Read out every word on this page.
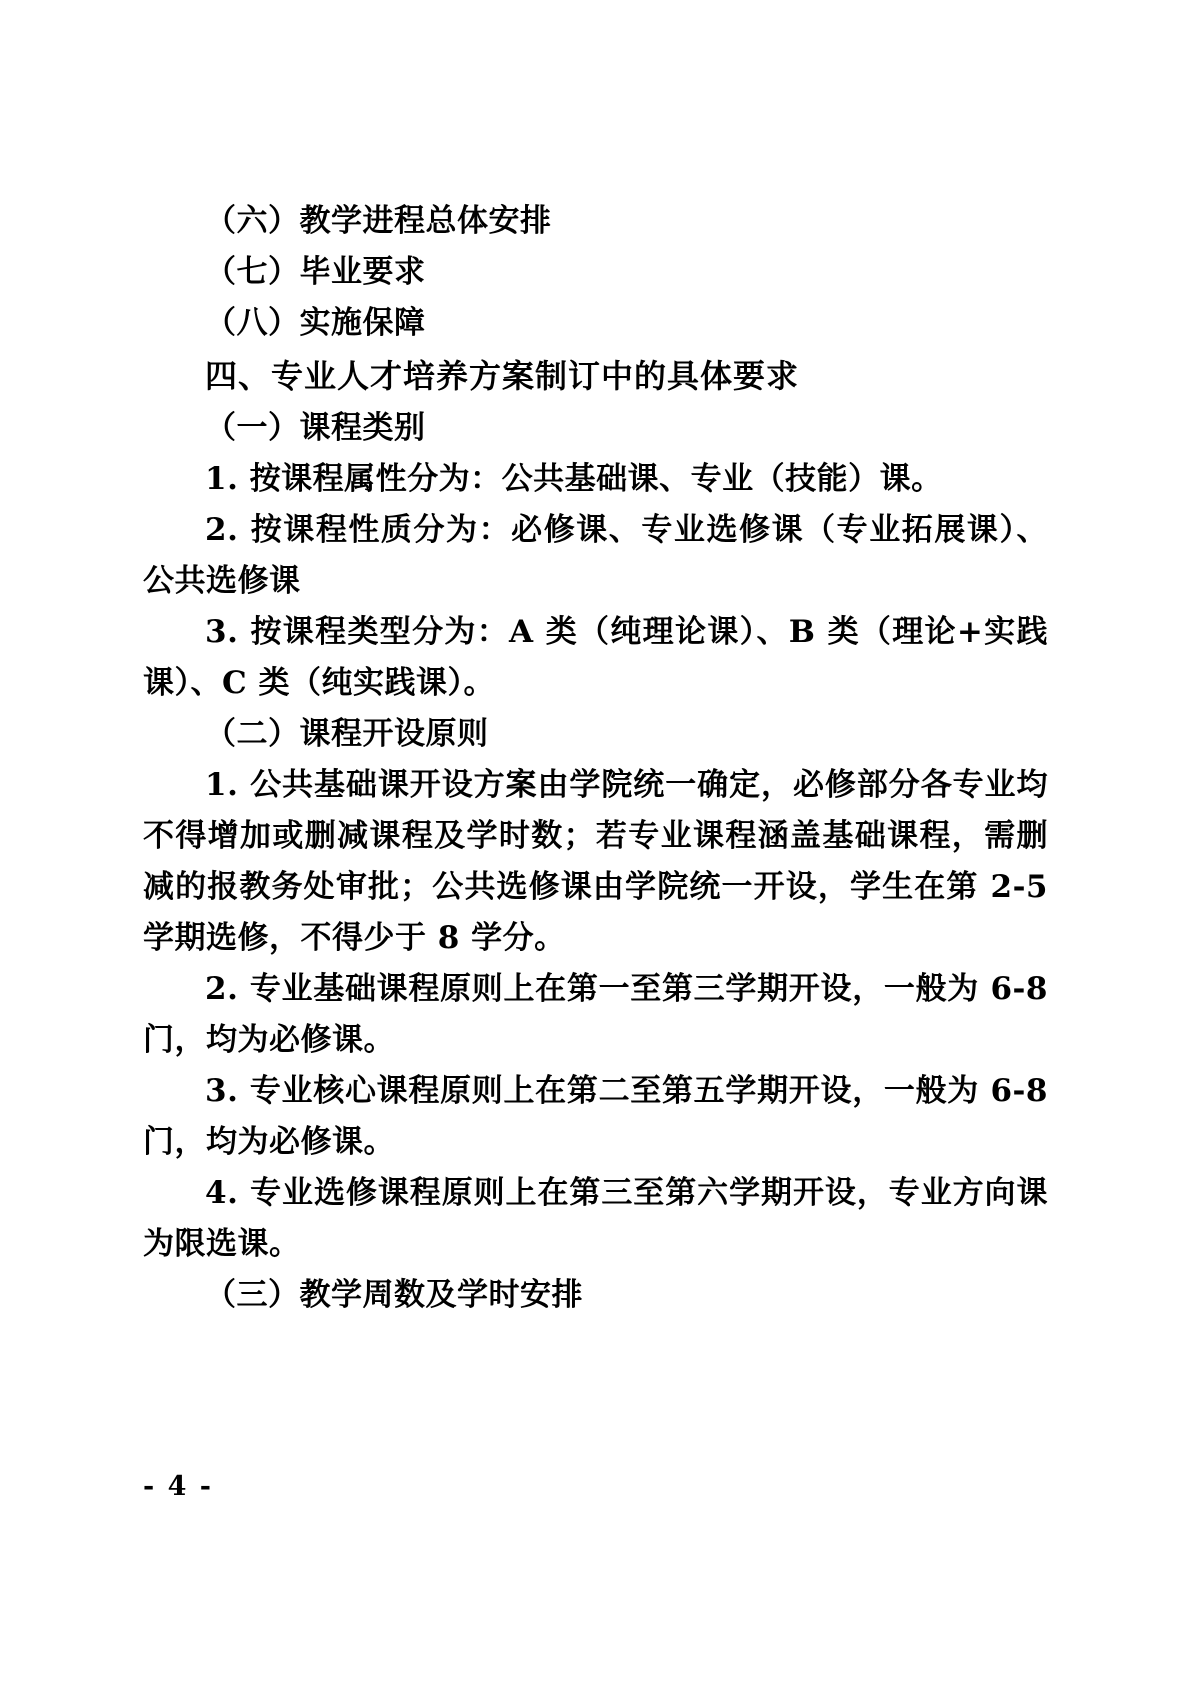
（六）教学进程总体安排

（七）毕业要求

（八）实施保障

四、专业人才培养方案制订中的具体要求

（一）课程类别

1. 按课程属性分为：公共基础课、专业（技能）课。

2. 按课程性质分为：必修课、专业选修课（专业拓展课）、公共选修课

3. 按课程类型分为：A 类（纯理论课）、B 类（理论+实践课）、C 类（纯实践课）。

（二）课程开设原则

1. 公共基础课开设方案由学院统一确定，必修部分各专业均不得增加或删减课程及学时数；若专业课程涵盖基础课程，需删减的报教务处审批；公共选修课由学院统一开设，学生在第 2-5 学期选修，不得少于 8 学分。

2. 专业基础课程原则上在第一至第三学期开设，一般为 6-8 门，均为必修课。

3. 专业核心课程原则上在第二至第五学期开设，一般为 6-8 门，均为必修课。

4. 专业选修课程原则上在第三至第六学期开设，专业方向课为限选课。

（三）教学周数及学时安排

- 4 -
